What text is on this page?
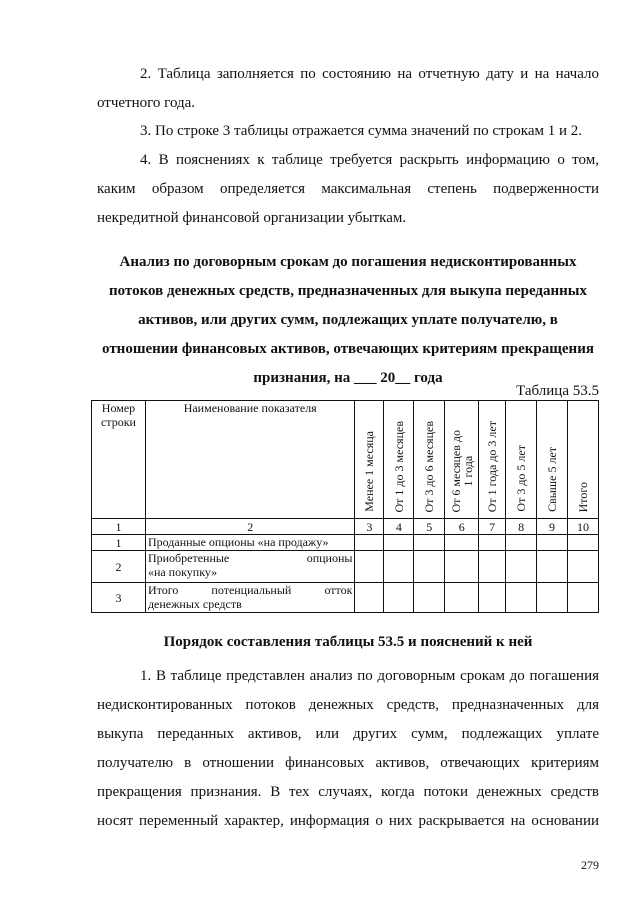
2. Таблица заполняется по состоянию на отчетную дату и на начало
отчетного года.

3. По строке 3 таблицы отражается сумма значений по строкам 1 и 2.

4. В пояснениях к таблице требуется раскрыть информацию о том,
каким образом определяется максимальная степень подверженности
некредитной финансовой организации убыткам.

Анализ по договорным срокам до погашения недисконтированных
потоков денежных средств, предназначенных для выкупа переданных
активов, или других сумм, подлежащих уплате получателю, в
отношении финансовых активов, отвечающих критериям прекращения
признания, на ___ 20__ года
Таблица 53.5
Номер строки	Наименование показателя	Менее 1 месяца	От 1 до 3 месяцев	От 3 до 6 месяцев	От 6 месяцев до
1 года	От 1 года до 3 лет	От 3 до 5 лет	Свыше 5 лет	Итого
1	2	3	4	5	6	7	8	9	10
1	Проданные опционы «на продажу»								
2	Приобретенные опционы
«на покупку»								

3	Итого потенциальный отток
денежных средств								

Порядок составления таблицы 53.5 и пояснений к ней

1. В таблице представлен анализ по договорным срокам до погашения
недисконтированных потоков денежных средств, предназначенных для
выкупа переданных активов, или других сумм, подлежащих уплате
получателю в отношении финансовых активов, отвечающих критериям
прекращения признания. В тех случаях, когда потоки денежных средств
носят переменный характер, информация о них раскрывается на основании

279
